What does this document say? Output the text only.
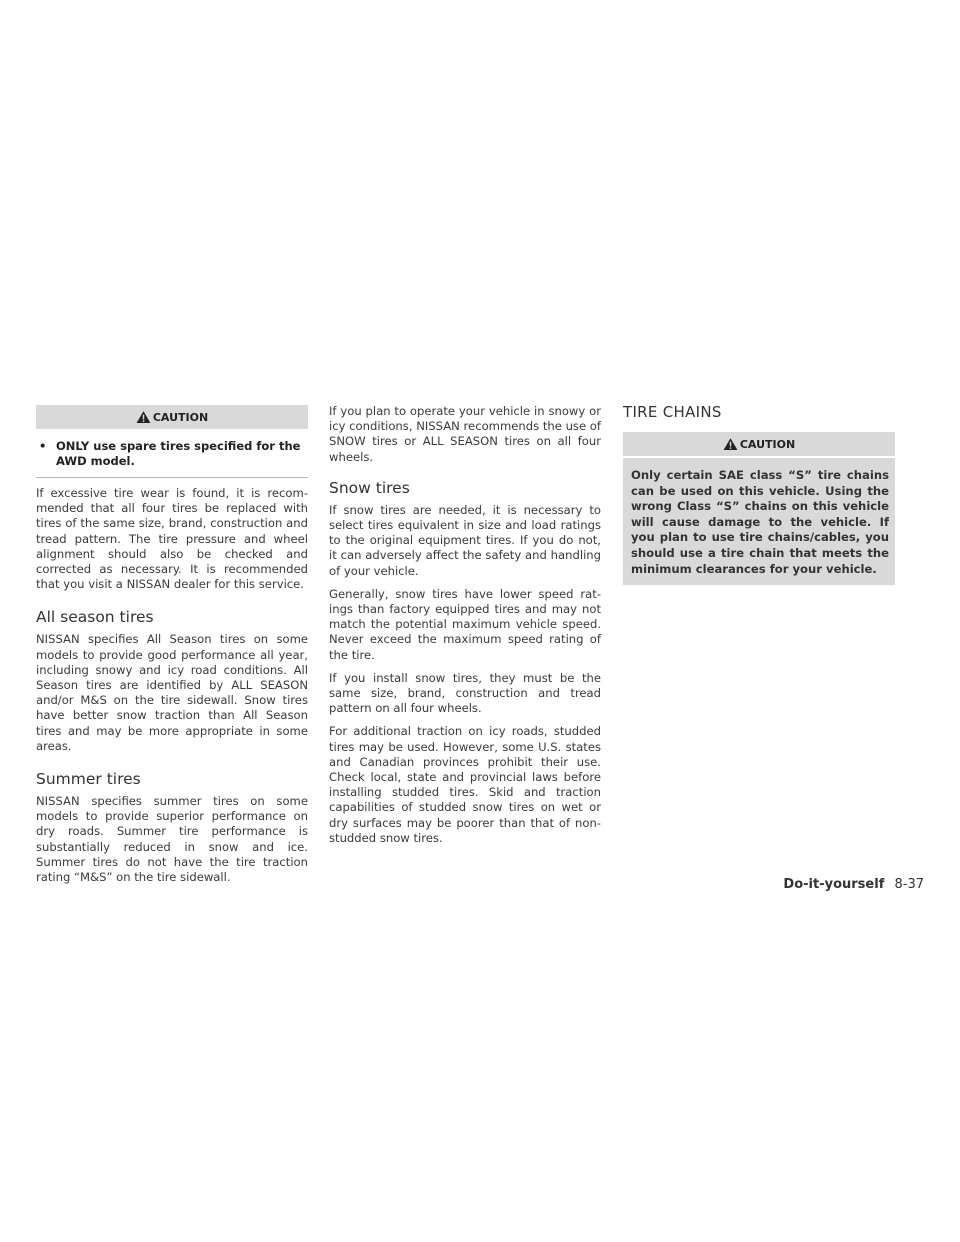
CAUTION
• ONLY use spare tires specified for the AWD model.

If excessive tire wear is found, it is recommended that all four tires be replaced with tires of the same size, brand, construction and tread pattern. The tire pressure and wheel alignment should also be checked and corrected as necessary. It is recommended that you visit a NISSAN dealer for this service.

All season tires

NISSAN specifies All Season tires on some models to provide good performance all year, including snowy and icy road conditions. All Season tires are identified by ALL SEASON and/or M&S on the tire sidewall. Snow tires have better snow traction than All Season tires and may be more appropriate in some areas.

Summer tires

NISSAN specifies summer tires on some models to provide superior performance on dry roads. Summer tire performance is substantially reduced in snow and ice. Summer tires do not have the tire traction rating “M&S” on the tire sidewall.

If you plan to operate your vehicle in snowy or icy conditions, NISSAN recommends the use of SNOW tires or ALL SEASON tires on all four wheels.

Snow tires

If snow tires are needed, it is necessary to select tires equivalent in size and load ratings to the original equipment tires. If you do not, it can adversely affect the safety and handling of your vehicle.

Generally, snow tires have lower speed ratings than factory equipped tires and may not match the potential maximum vehicle speed. Never exceed the maximum speed rating of the tire.

If you install snow tires, they must be the same size, brand, construction and tread pattern on all four wheels.

For additional traction on icy roads, studded tires may be used. However, some U.S. states and Canadian provinces prohibit their use. Check local, state and provincial laws before installing studded tires. Skid and traction capabilities of studded snow tires on wet or dry surfaces may be poorer than that of non-studded snow tires.

TIRE CHAINS
CAUTION

Only certain SAE class “S” tire chains can be used on this vehicle. Using the wrong Class “S” chains on this vehicle will cause damage to the vehicle. If you plan to use tire chains/cables, you should use a tire chain that meets the minimum clearances for your vehicle.

Do-it-yourself 8-37
